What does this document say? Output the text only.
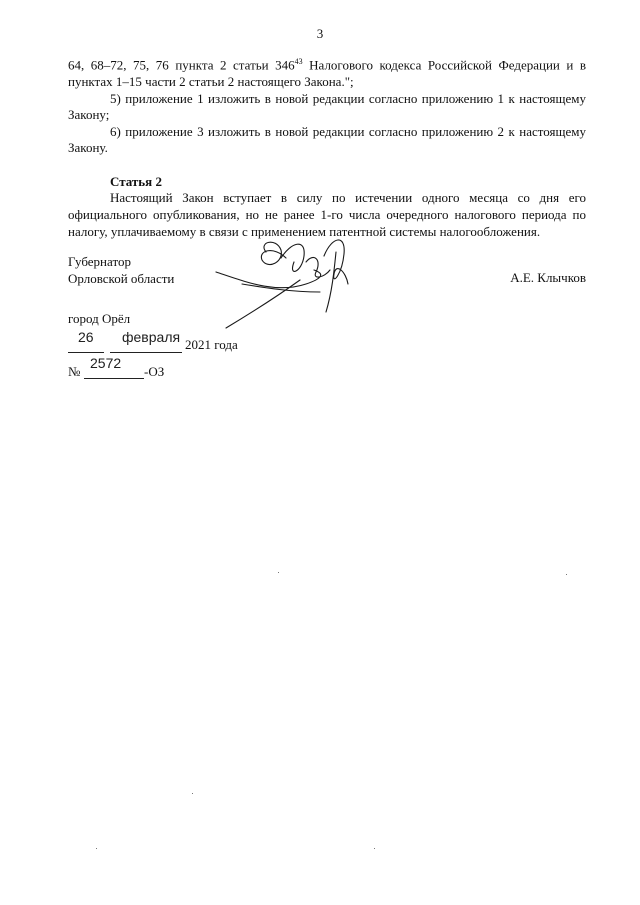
3

64, 68–72, 75, 76 пункта 2 статьи $346^{43}$ Налогового кодекса Российской Федерации и в пунктах 1–15 части 2 статьи 2 настоящего Закона.";

5) приложение 1 изложить в новой редакции согласно приложению 1 к настоящему Закону;

6) приложение 3 изложить в новой редакции согласно приложению 2 к настоящему Закону.

Статья 2

Настоящий Закон вступает в силу по истечении одного месяца со дня его официального опубликования, но не ранее 1-го числа очередного налогового периода по налогу, уплачиваемому в связи с применением патентной системы налогообложения.

Губернатор
Орловской области	А.Е. Клычков
город Орёл
26 февраля 2021 года
№
2572
-ОЗ
